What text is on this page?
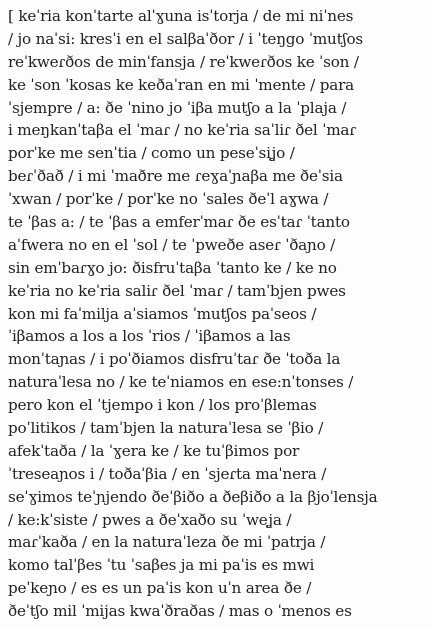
[ keˈria konˈtarte alˈɣuna isˈtorja / de mi niˈnes
/ jo naˈsi: kresˈi en el salβaˈðor / i ˈteŋgo ˈmutʃos
reˈkweɾðos de minˈfansja / reˈkweɾðos ke ˈson /
ke ˈson ˈkosas ke keðaˈran en mi ˈmente / para
ˈsjempre / a: ðe ˈnino jo ˈiβa mutʃo a la ˈplaja /
i meŋkanˈtaβa el ˈmaɾ / no keˈria saˈliɾ ðel ˈmaɾ
porˈke me senˈtia / como un peseˈsiʝo /
beɾˈðað / i mi ˈmaðre me ɾeɣaˈɲaβa me ðeˈsia
ˈxwan / porˈke / porˈke no ˈsales ðeˈl aɣwa /
te ˈβas a: / te ˈβas a emferˈmaɾ ðe esˈtaɾ ˈtanto
aˈfwera no en el ˈsol / te ˈpweðe aseɾ ˈðaɲo /
sin emˈbaɾɣo jo: ðisfruˈtaβa ˈtanto ke / ke no
keˈria no keˈria saliɾ ðel ˈmaɾ / tamˈbjen pwes
kon mi faˈmilja aˈsiamos ˈmutʃos paˈseos /
ˈiβamos a los a los ˈrios / ˈiβamos a las
monˈtaɲas / i poˈðiamos disfruˈtaɾ ðe ˈtoða la
naturaˈlesa no / ke teˈniamos en ese:nˈtonses /
pero kon el ˈtjempo i kon / los proˈβlemas
poˈlitikos / tamˈbjen la naturaˈlesa se ˈβio /
afekˈtaða / la ˈɣera ke / ke tuˈβimos por
ˈtreseaɲos i / toðaˈβia / en ˈsjeɾta maˈnera /
seˈɣimos teˈɲjendo ðeˈβiðo a ðeβiðo a la βjoˈlensja
/ ke:kˈsiste / pwes a ðeˈxaðo su ˈweʝa /
maɾˈkaða / en la naturaˈleza ðe mi ˈpatrja /
komo talˈβes ˈtu ˈsaβes ja mi paˈis es mwi
peˈkeɲo / es es un paˈis kon uˈn area ðe /
ðeˈtʃo mil ˈmijas kwaˈðraðas / mas o ˈmenos es
